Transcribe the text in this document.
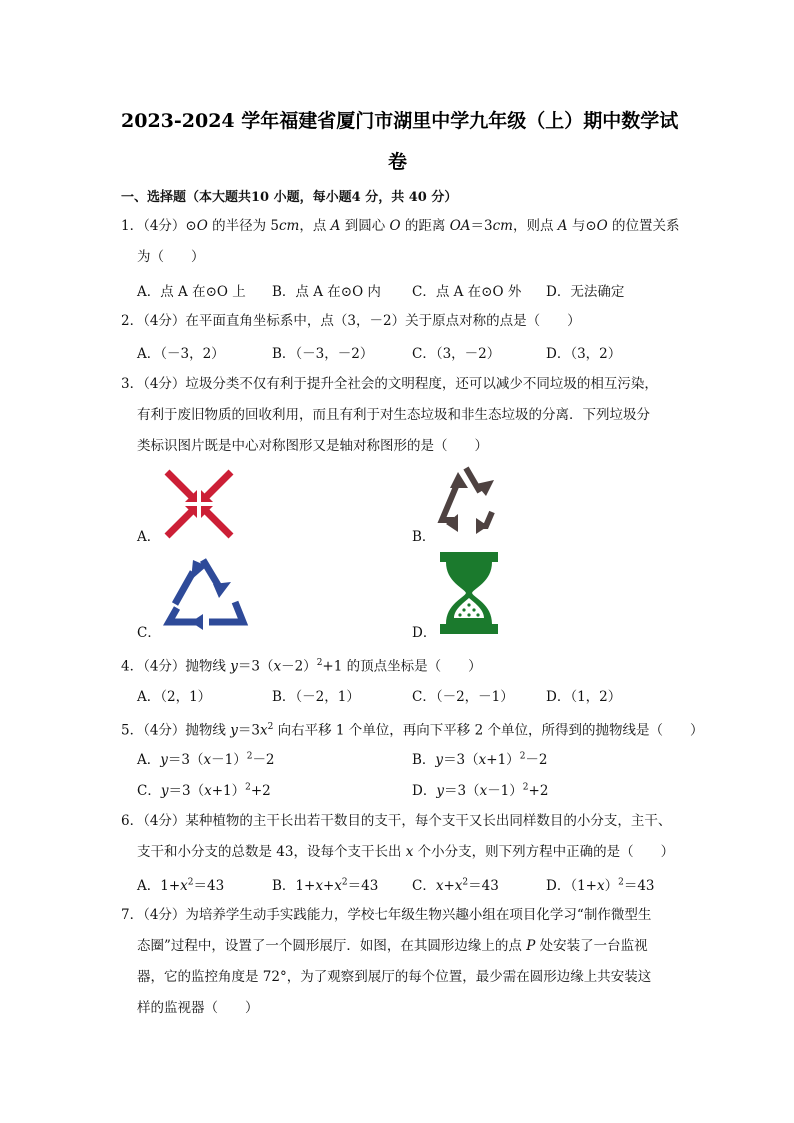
2023-2024 学年福建省厦门市湖里中学九年级（上）期中数学试
卷
一、选择题（本大题共10 小题，每小题4 分，共 40 分）
1．（4分）⊙O 的半径为 5cm，点 A 到圆心 O 的距离 OA＝3cm，则点 A 与⊙O 的位置关系
为（　　）
A．点 A 在⊙O 上 B．点 A 在⊙O 内 C．点 A 在⊙O 外 D．无法确定
2．（4分）在平面直角坐标系中，点（3，－2）关于原点对称的点是（　　）
A．（－3，2）	B．（－3，－2）	C．（3，－2）	D．（3，2）
3．（4分）垃圾分类不仅有利于提升全社会的文明程度，还可以减少不同垃圾的相互污染，
有利于废旧物质的回收利用，而且有利于对生态垃圾和非生态垃圾的分离．下列垃圾分
类标识图片既是中心对称图形又是轴对称图形的是（　　）
A．	B．
C．	D．
4．（4分）抛物线 $y=3(x-2)^2+1$ 的顶点坐标是（　　）
A．（2，1）	B．（－2，1）	C．（－2，－1） D．（1，2）
5．（4分）抛物线 $y=3x^2$ 向右平移 1 个单位，再向下平移 2 个单位，所得到的抛物线是（　　）
A．$y=3(x-1)^2-2$	B．$y=3(x+1)^2-2$
C．$y=3(x+1)^2+2$	D．$y=3(x-1)^2+2$
6．（4分）某种植物的主干长出若干数目的支干，每个支干又长出同样数目的小分支，主干、
支干和小分支的总数是 43，设每个支干长出 x 个小分支，则下列方程中正确的是（　　）
A．$1+x^2=43$	B．$1+x+x^2=43$ C．$x+x^2=43$	D．$(1+x)^2=43$
7．（4分）为培养学生动手实践能力，学校七年级生物兴趣小组在项目化学习“制作微型生
态圈”过程中，设置了一个圆形展厅．如图，在其圆形边缘上的点 P 处安装了一台监视
器，它的监控角度是 72°，为了观察到展厅的每个位置，最少需在圆形边缘上共安装这
样的监视器（　　）
